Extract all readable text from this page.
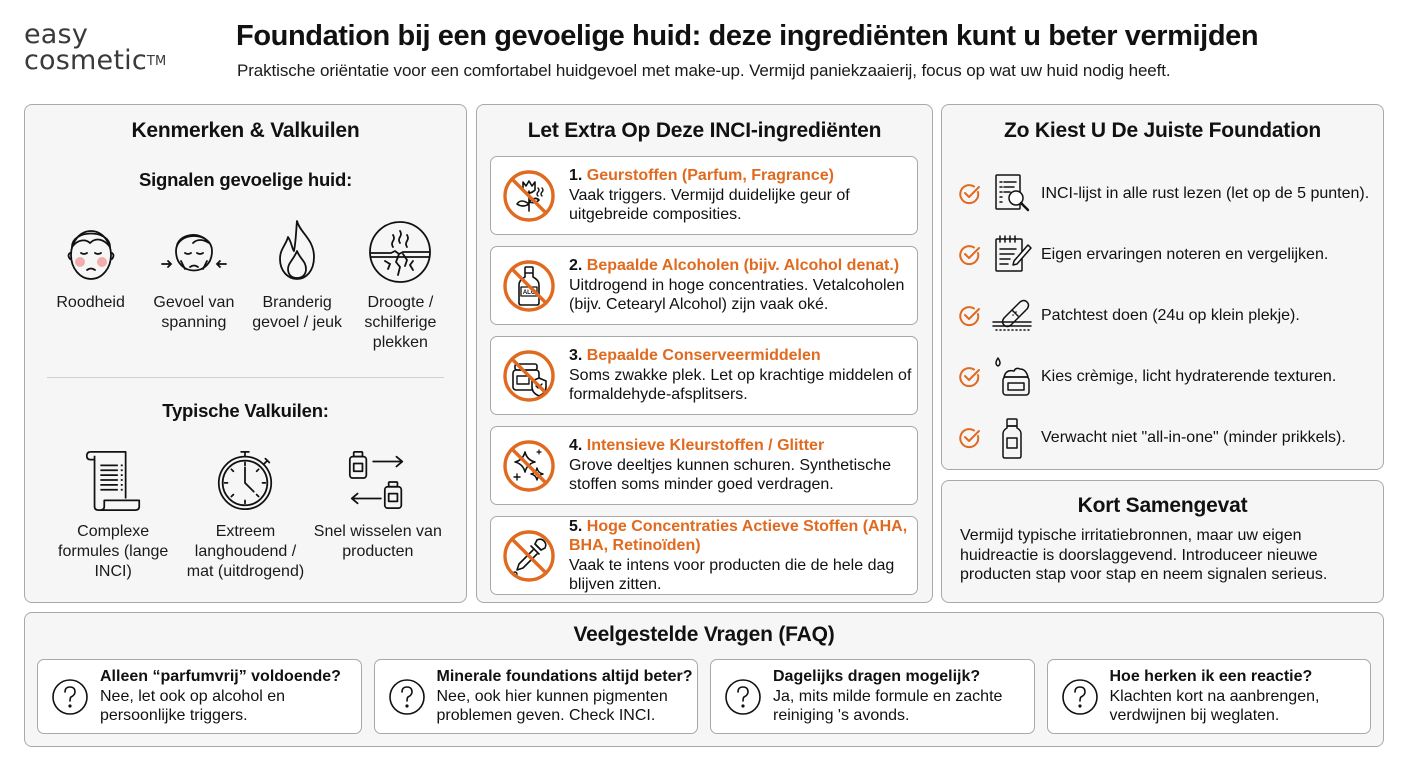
easy
cosmetic™
Foundation bij een gevoelige huid: deze ingrediënten kunt u beter vermijden

Praktische oriëntatie voor een comfortabel huidgevoel met make-up. Vermijd paniekzaaierij, focus op wat uw huid nodig heeft.

Kenmerken & Valkuilen
Signalen gevoelige huid:
Roodheid	Gevoel van spanning
Branderig gevoel / jeuk
Droogte / schilferige plekken
Typische Valkuilen:
Complexe formules (lange INCI)
Extreem langhoudend / mat (uitdrogend)
Snel wisselen van producten
Let Extra Op Deze INCI-ingrediënten
1. Geurstoffen (Parfum, Fragrance)
Vaak triggers. Vermijd duidelijke geur of uitgebreide composities.
ALC
2. Bepaalde Alcoholen (bijv. Alcohol denat.)
Uitdrogend in hoge concentraties. Vetalcoholen (bijv. Cetearyl Alcohol) zijn vaak oké.
3. Bepaalde Conserveermiddelen
Soms zwakke plek. Let op krachtige middelen of formaldehyde-afsplitsers.
4. Intensieve Kleurstoffen / Glitter
Grove deeltjes kunnen schuren. Synthetische stoffen soms minder goed verdragen.
5. Hoge Concentraties Actieve Stoffen (AHA, BHA, Retinoïden)
Vaak te intens voor producten die de hele dag blijven zitten.
Zo Kiest U De Juiste Foundation
INCI-lijst in alle rust lezen (let op de 5 punten).
Eigen ervaringen noteren en vergelijken.
Patchtest doen (24u op klein plekje).
Kies crèmige, licht hydraterende texturen.
Verwacht niet "all-in-one" (minder prikkels).
Kort Samengevat

Vermijd typische irritatiebronnen, maar uw eigen huidreactie is doorslaggevend. Introduceer nieuwe producten stap voor stap en neem signalen serieus.

Veelgestelde Vragen (FAQ)
Alleen “parfumvrij” voldoende?
Nee, let ook op alcohol en persoonlijke triggers.
Minerale foundations altijd beter?
Nee, ook hier kunnen pigmenten problemen geven. Check INCI.
Dagelijks dragen mogelijk?
Ja, mits milde formule en zachte reiniging 's avonds.
Hoe herken ik een reactie?
Klachten kort na aanbrengen, verdwijnen bij weglaten.
